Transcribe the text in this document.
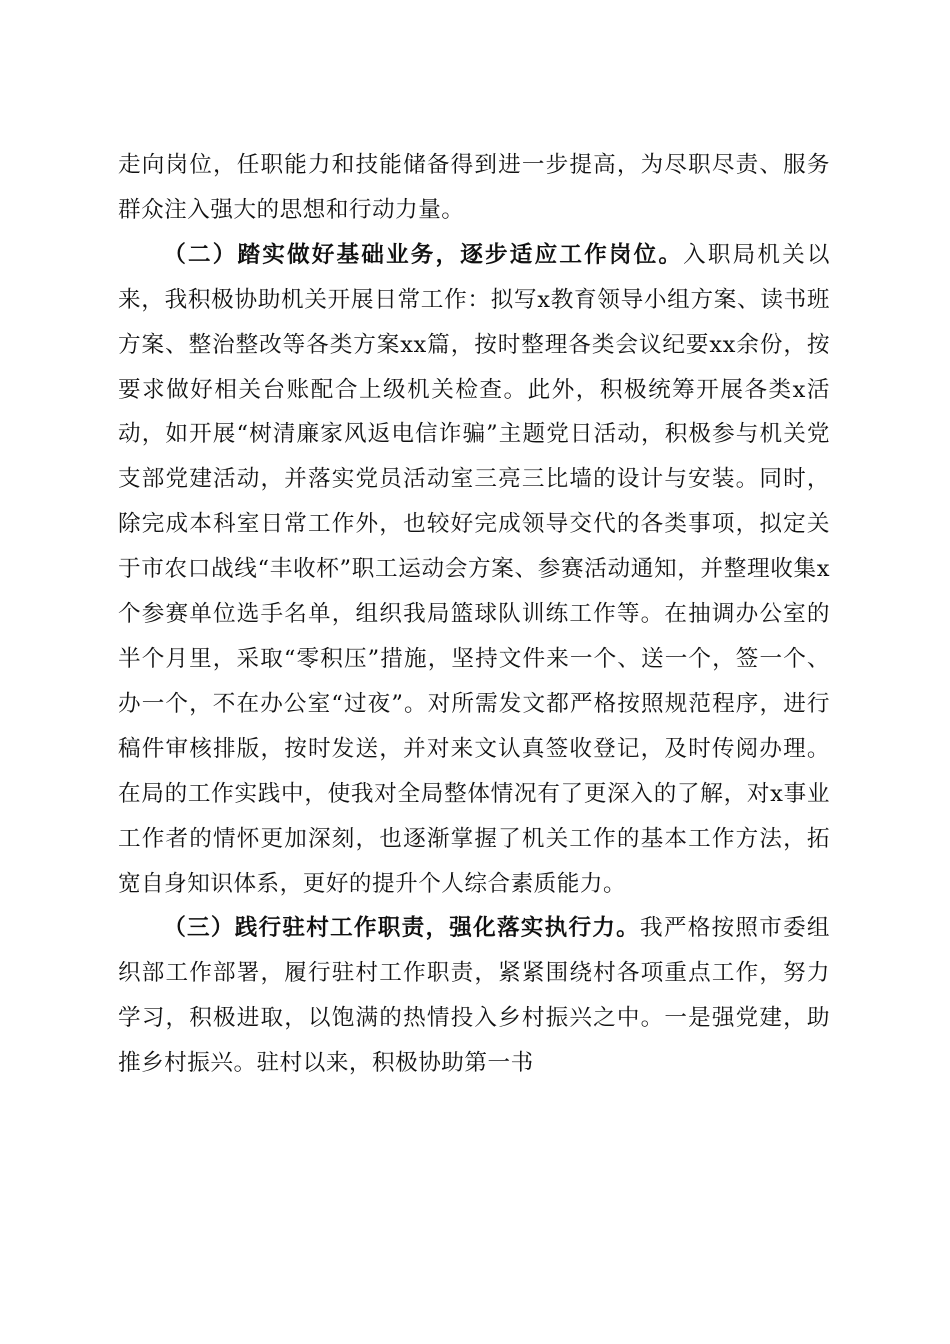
走向岗位，任职能力和技能储备得到进一步提高，为尽职尽责、服务群众注入强大的思想和行动力量。

（二）踏实做好基础业务，逐步适应工作岗位。入职局机关以来，我积极协助机关开展日常工作：拟写x教育领导小组方案、读书班方案、整治整改等各类方案xx篇，按时整理各类会议纪要xx余份，按要求做好相关台账配合上级机关检查。此外，积极统筹开展各类x活动，如开展“树清廉家风返电信诈骗”主题党日活动，积极参与机关党支部党建活动，并落实党员活动室三亮三比墙的设计与安装。同时，除完成本科室日常工作外，也较好完成领导交代的各类事项，拟定关于市农口战线“丰收杯”职工运动会方案、参赛活动通知，并整理收集x个参赛单位选手名单，组织我局篮球队训练工作等。在抽调办公室的半个月里，采取“零积压”措施，坚持文件来一个、送一个，签一个、办一个，不在办公室“过夜”。对所需发文都严格按照规范程序，进行稿件审核排版，按时发送，并对来文认真签收登记，及时传阅办理。在局的工作实践中，使我对全局整体情况有了更深入的了解，对x事业工作者的情怀更加深刻，也逐渐掌握了机关工作的基本工作方法，拓宽自身知识体系，更好的提升个人综合素质能力。

（三）践行驻村工作职责，强化落实执行力。我严格按照市委组织部工作部署，履行驻村工作职责，紧紧围绕村各项重点工作，努力学习，积极进取，以饱满的热情投入乡村振兴之中。一是强党建，助推乡村振兴。驻村以来，积极协助第一书
